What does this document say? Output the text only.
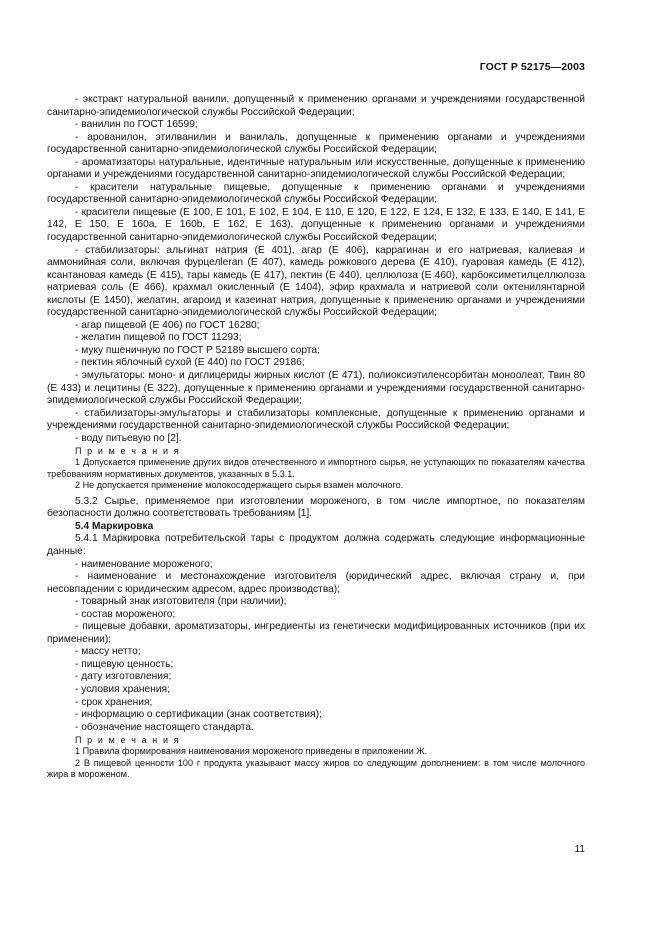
ГОСТ Р 52175—2003

- экстракт натуральной ванили, допущенный к применению органами и учреждениями государственной санитарно-эпидемиологической службы Российской Федерации;

- ванилин по ГОСТ 16599;

- арованилон, этилванилин и ванилаль, допущенные к применению органами и учреждениями государственной санитарно-эпидемиологической службы Российской Федерации;

- ароматизаторы натуральные, идентичные натуральным или искусственные, допущенные к применению органами и учреждениями государственной санитарно-эпидемиологической службы Российской Федерации;

- красители натуральные пищевые, допущенные к применению органами и учреждениями государственной санитарно-эпидемиологической службы Российской Федерации;

- красители пищевые (Е 100, Е 101, Е 102, Е 104, Е 110, Е 120, Е 122, Е 124, Е 132, Е 133, Е 140, Е 141, Е 142, Е 150, Е 160а, Е 160b, Е 162, Е 163), допущенные к применению органами и учреждениями государственной санитарно-эпидемиологической службы Российской Федерации;

- стабилизаторы: альгинат натрия (Е 401), агар (Е 406), каррагинан и его натриевая, калиевая и аммонийная соли, включая фурцелleran (Е 407), камедь рожкового дерева (Е 410), гуаровая камедь (Е 412), ксантановая камедь (Е 415), тары камедь (Е 417), пектин (Е 440), целлюлоза (Е 460), карбоксиметилцеллюлоза натриевая соль (Е 466), крахмал окисленный (Е 1404), эфир крахмала и натриевой соли октенилянтарной кислоты (Е 1450), желатин, агароид и казеинат натрия, допущенные к применению органами и учреждениями государственной санитарно-эпидемиологической службы Российской Федерации;

- агар пищевой (Е 406) по ГОСТ 16280;

- желатин пищевой по ГОСТ 11293;

- муку пшеничную по ГОСТ Р 52189 высшего сорта;

- пектин яблочный сухой (Е 440) по ГОСТ 29186;

- эмульгаторы: моно- и диглицериды жирных кислот (Е 471), полиоксиэтиленсорбитан моноолеат, Твин 80 (Е 433) и лецитины (Е 322), допущенные к применению органами и учреждениями государственной санитарно-эпидемиологической службы Российской Федерации;

- стабилизаторы-эмульгаторы и стабилизаторы комплексные, допущенные к применению органами и учреждениями государственной санитарно-эпидемиологической службы Российской Федерации;

- воду питьевую по [2].

П р и м е ч а н и я

1 Допускается применение других видов отечественного и импортного сырья, не уступающих по показателям качества требованиям нормативных документов, указанных в 5.3.1.

2 Не допускается применение молокосодержащего сырья взамен молочного.

5.3.2 Сырье, применяемое при изготовлении мороженого, в том числе импортное, по показателям безопасности должно соответствовать требованиям [1].

5.4 Маркировка

5.4.1 Маркировка потребительской тары с продуктом должна содержать следующие информационные данные:

- наименование мороженого;

- наименование и местонахождение изготовителя (юридический адрес, включая страну и, при несовпадении с юридическим адресом, адрес производства);

- товарный знак изготовителя (при наличии);

- состав мороженого;

- пищевые добавки, ароматизаторы, ингредиенты из генетически модифицированных источников (при их применении);

- массу нетто;

- пищевую ценность;

- дату изготовления;

- условия хранения;

- срок хранения;

- информацию о сертификации (знак соответствия);

- обозначение настоящего стандарта.

П р и м е ч а н и я

1 Правила формирования наименования мороженого приведены в приложении Ж.

2 В пищевой ценности 100 г продукта указывают массу жиров со следующим дополнением: в том числе молочного жира в мороженом.

11
